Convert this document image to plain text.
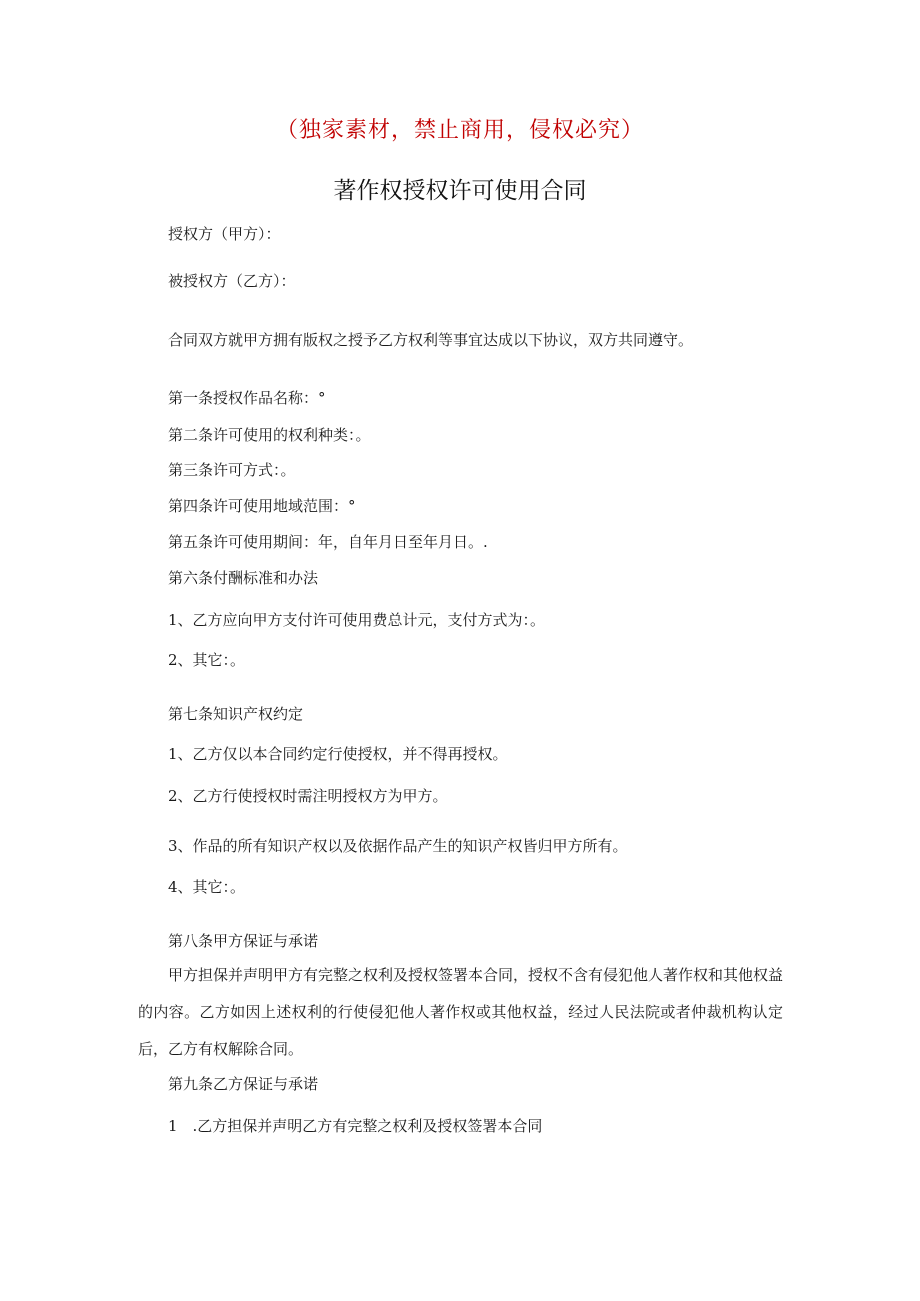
（独家素材，禁止商用，侵权必究）
著作权授权许可使用合同
授权方（甲方）：
被授权方（乙方）：
合同双方就甲方拥有版权之授予乙方权利等事宜达成以下协议，双方共同遵守。
第一条授权作品名称：°
第二条许可使用的权利种类：。
第三条许可方式：。
第四条许可使用地域范围：°
第五条许可使用期间：年，自年月日至年月日。.
第六条付酬标准和办法
1、乙方应向甲方支付许可使用费总计元，支付方式为：。
2、其它：。
第七条知识产权约定
1、乙方仅以本合同约定行使授权，并不得再授权。
2、乙方行使授权时需注明授权方为甲方。
3、作品的所有知识产权以及依据作品产生的知识产权皆归甲方所有。
4、其它：。
第八条甲方保证与承诺
甲方担保并声明甲方有完整之权利及授权签署本合同，授权不含有侵犯他人著作权和其他权益的内容。乙方如因上述权利的行使侵犯他人著作权或其他权益，经过人民法院或者仲裁机构认定后，乙方有权解除合同。
第九条乙方保证与承诺
1　.乙方担保并声明乙方有完整之权利及授权签署本合同
